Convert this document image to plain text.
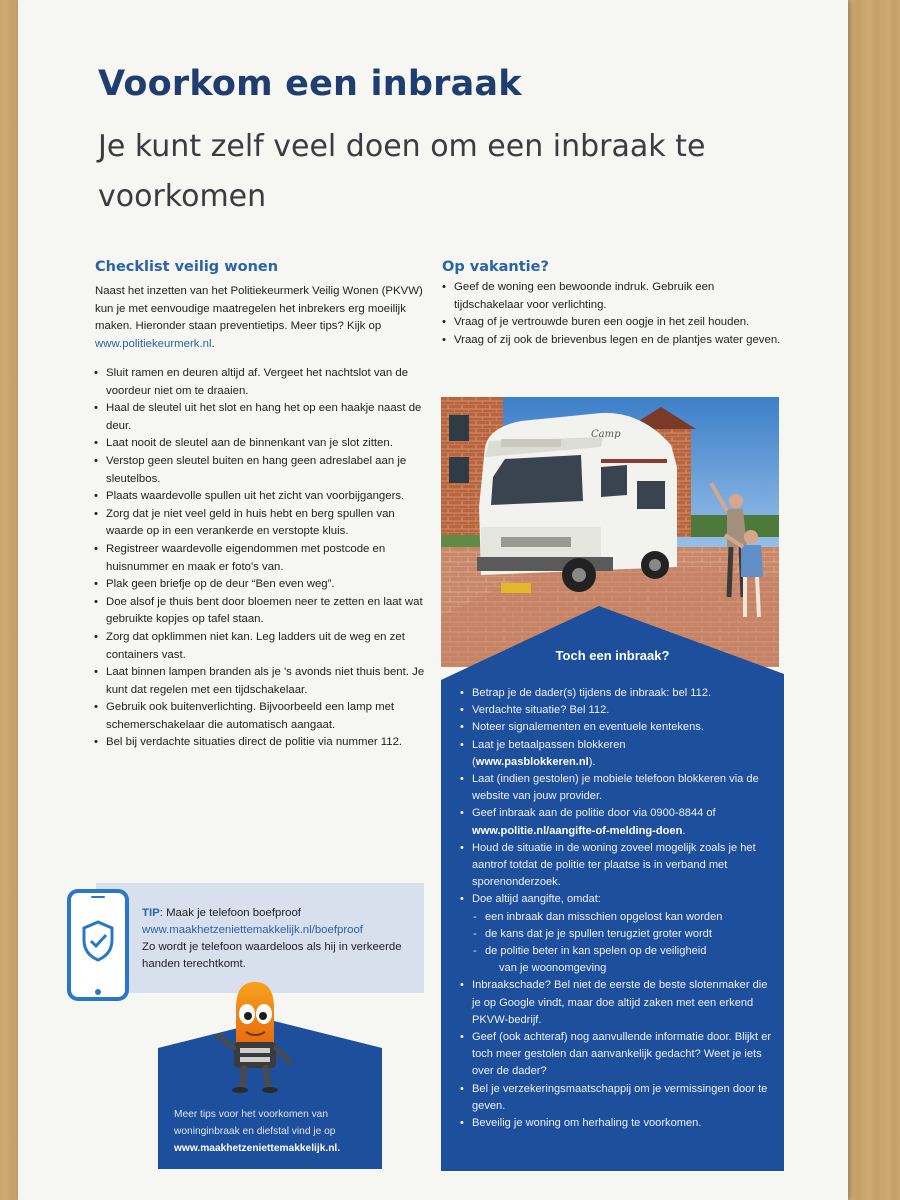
Voorkom een inbraak
Je kunt zelf veel doen om een inbraak te voorkomen
Checklist veilig wonen

Naast het inzetten van het Politiekeurmerk Veilig Wonen (PKVW) kun je met eenvoudige maatregelen het inbrekers erg moeilijk maken. Hieronder staan preventietips. Meer tips? Kijk op www.politiekeurmerk.nl.

• Sluit ramen en deuren altijd af. Vergeet het nachtslot van de voordeur niet om te draaien.
• Haal de sleutel uit het slot en hang het op een haakje naast de deur.
• Laat nooit de sleutel aan de binnenkant van je slot zitten.
• Verstop geen sleutel buiten en hang geen adreslabel aan je sleutelbos.
• Plaats waardevolle spullen uit het zicht van voorbijgangers.
• Zorg dat je niet veel geld in huis hebt en berg spullen van waarde op in een verankerde en verstopte kluis.
• Registreer waardevolle eigendommen met postcode en huisnummer en maak er foto's van.
• Plak geen briefje op de deur “Ben even weg”.
• Doe alsof je thuis bent door bloemen neer te zetten en laat wat gebruikte kopjes op tafel staan.
• Zorg dat opklimmen niet kan. Leg ladders uit de weg en zet containers vast.
• Laat binnen lampen branden als je 's avonds niet thuis bent. Je kunt dat regelen met een tijdschakelaar.
• Gebruik ook buitenverlichting. Bijvoorbeeld een lamp met schemerschakelaar die automatisch aangaat.
• Bel bij verdachte situaties direct de politie via nummer 112.
Op vakantie?
• Geef de woning een bewoonde indruk. Gebruik een tijdschakelaar voor verlichting.
• Vraag of je vertrouwde buren een oogje in het zeil houden.
• Vraag of zij ook de brievenbus legen en de plantjes water geven.
Camp
Toch een inbraak?
• Betrap je de dader(s) tijdens de inbraak: bel 112.
• Verdachte situatie? Bel 112.
• Noteer signalementen en eventuele kentekens.
• Laat je betaalpassen blokkeren
(www.pasblokkeren.nl).
• Laat (indien gestolen) je mobiele telefoon blokkeren via de website van jouw provider.
• Geef inbraak aan de politie door via 0900-8844 of
www.politie.nl/aangifte-of-melding-doen.
• Houd de situatie in de woning zoveel mogelijk zoals je het aantrof totdat de politie ter plaatse is in verband met sporenonderzoek.
• Doe altijd aangifte, omdat:
- een inbraak dan misschien opgelost kan worden
- de kans dat je je spullen terugziet groter wordt
- de politie beter in kan spelen op de veiligheid
van je woonomgeving
• Inbraakschade? Bel niet de eerste de beste slotenmaker die je op Google vindt, maar doe altijd zaken met een erkend PKVW-bedrijf.
• Geef (ook achteraf) nog aanvullende informatie door. Blijkt er toch meer gestolen dan aanvankelijk gedacht? Weet je iets over de dader?
• Bel je verzekeringsmaatschappij om je vermissingen door te geven.
• Beveilig je woning om herhaling te voorkomen.

TIP: Maak je telefoon boefproof
www.maakhetzeniettemakkelijk.nl/boefproof
Zo wordt je telefoon waardeloos als hij in verkeerde handen terechtkomt.

Meer tips voor het voorkomen van woninginbraak en diefstal vind je op
www.maakhetzeniettemakkelijk.nl.
